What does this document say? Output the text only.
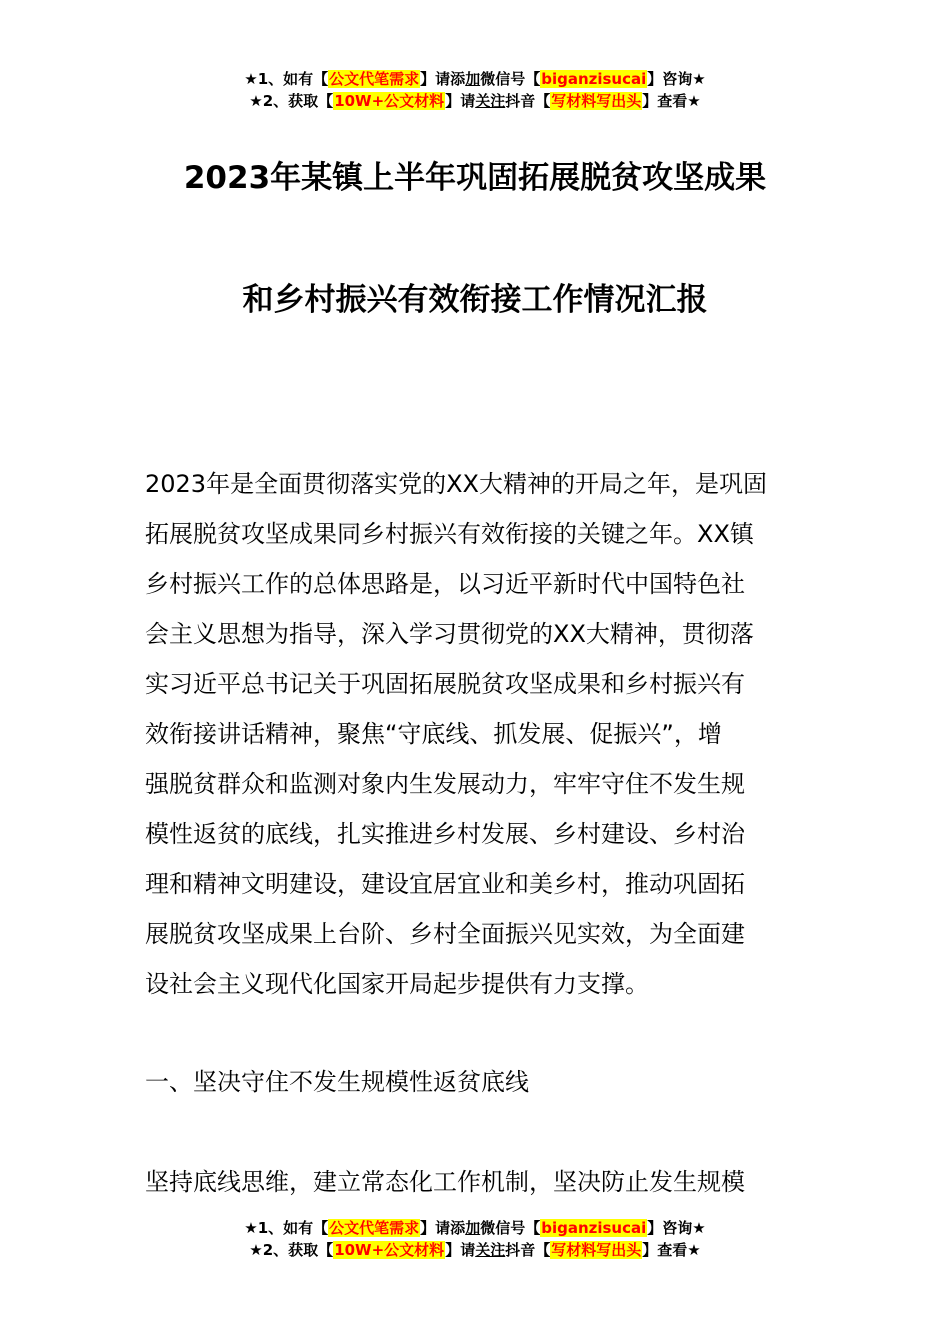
★1、如有【公文代笔需求】请添加微信号【biganzisucai】咨询★
★2、获取【10W+公文材料】请关注抖音【写材料写出头】查看★
2023年某镇上半年巩固拓展脱贫攻坚成果
和乡村振兴有效衔接工作情况汇报
2023年是全面贯彻落实党的XX大精神的开局之年，是巩固
拓展脱贫攻坚成果同乡村振兴有效衔接的关键之年。XX镇
乡村振兴工作的总体思路是，以习近平新时代中国特色社
会主义思想为指导，深入学习贯彻党的XX大精神，贯彻落
实习近平总书记关于巩固拓展脱贫攻坚成果和乡村振兴有
效衔接讲话精神，聚焦“守底线、抓发展、促振兴”，增
强脱贫群众和监测对象内生发展动力，牢牢守住不发生规
模性返贫的底线，扎实推进乡村发展、乡村建设、乡村治
理和精神文明建设，建设宜居宜业和美乡村，推动巩固拓
展脱贫攻坚成果上台阶、乡村全面振兴见实效，为全面建
设社会主义现代化国家开局起步提供有力支撑。
一、坚决守住不发生规模性返贫底线
坚持底线思维，建立常态化工作机制，坚决防止发生规模
★1、如有【公文代笔需求】请添加微信号【biganzisucai】咨询★
★2、获取【10W+公文材料】请关注抖音【写材料写出头】查看★
